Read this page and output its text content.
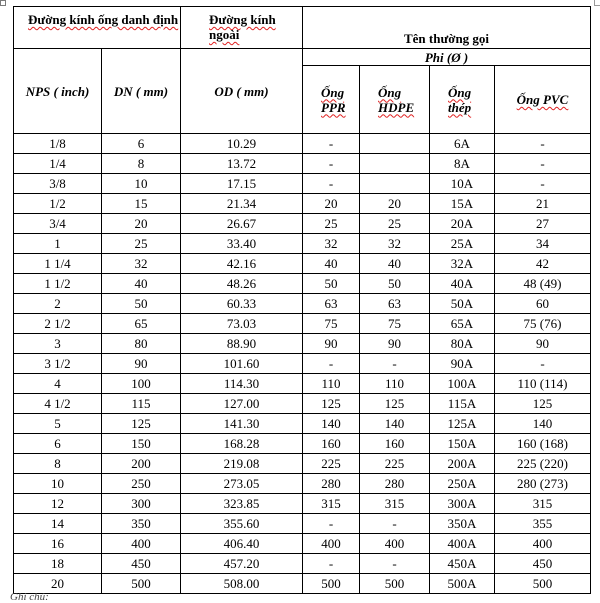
Đường kính ống danh định		Đường kính ngoài	Tên thường gọi			
NPS ( inch)	DN ( mm)	OD ( mm)	Phi (Ø )			
			Ống PPR	Ống HDPE	Ống thép	Ống PVC
1/8	6	10.29	-		6A	-
1/4	8	13.72	-		8A	-
3/8	10	17.15	-		10A	-
1/2	15	21.34	20	20	15A	21
3/4	20	26.67	25	25	20A	27
1	25	33.40	32	32	25A	34
1 1/4	32	42.16	40	40	32A	42
1 1/2	40	48.26	50	50	40A	48 (49)
2	50	60.33	63	63	50A	60
2 1/2	65	73.03	75	75	65A	75 (76)
3	80	88.90	90	90	80A	90
3 1/2	90	101.60	-	-	90A	-
4	100	114.30	110	110	100A	110 (114)
4 1/2	115	127.00	125	125	115A	125
5	125	141.30	140	140	125A	140
6	150	168.28	160	160	150A	160 (168)
8	200	219.08	225	225	200A	225 (220)
10	250	273.05	280	280	250A	280 (273)
12	300	323.85	315	315	300A	315
14	350	355.60	-	-	350A	355
16	400	406.40	400	400	400A	400
18	450	457.20	-	-	450A	450
20	500	508.00	500	500	500A	500
Ghi chú:
